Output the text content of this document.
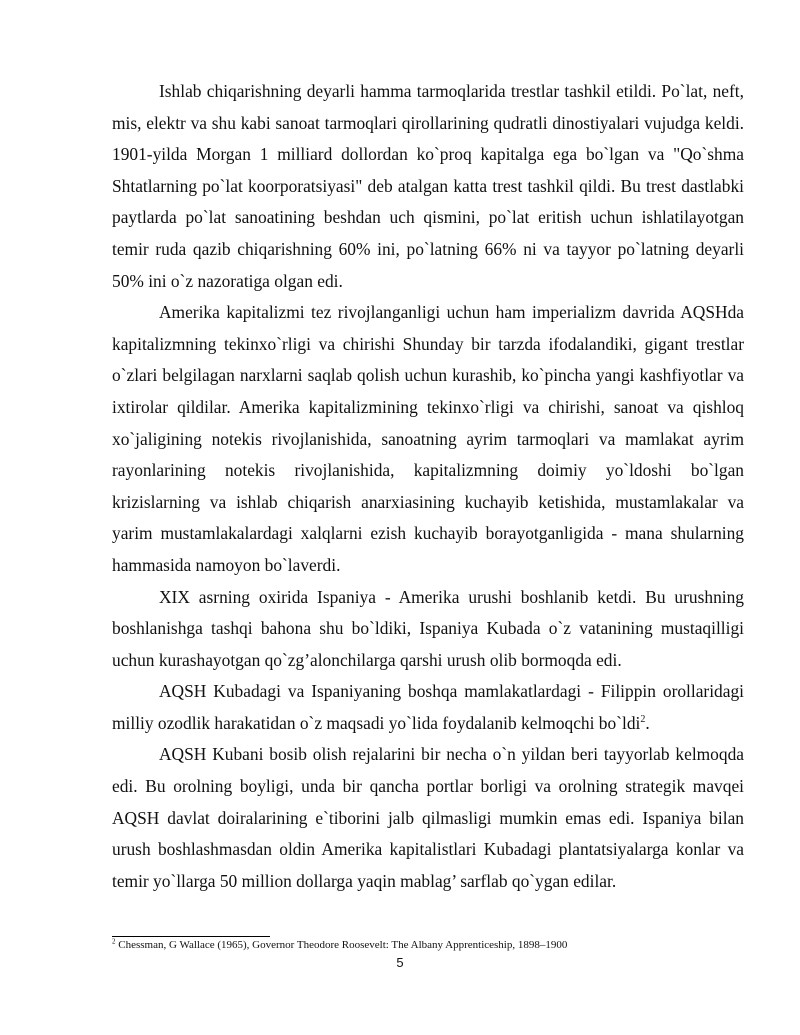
Ishlab chiqarishning deyarli hamma tarmoqlarida trestlar tashkil etildi. Po`lat, neft, mis, elektr va shu kabi sanoat tarmoqlari qirollarining qudratli dinostiyalari vujudga keldi. 1901-yilda Morgan 1 milliard dollordan ko`proq kapitalga ega bo`lgan va "Qo`shma Shtatlarning po`lat koorporatsiyasi" deb atalgan katta trest tashkil qildi. Bu trest dastlabki paytlarda po`lat sanoatining beshdan uch qismini, po`lat eritish uchun ishlatilayotgan temir ruda qazib chiqarishning 60% ini, po`latning 66% ni va tayyor po`latning deyarli 50% ini o`z nazoratiga olgan edi.

Amerika kapitalizmi tez rivojlanganligi uchun ham imperializm davrida AQSHda kapitalizmning tekinxo`rligi va chirishi Shunday bir tarzda ifodalandiki, gigant trestlar o`zlari belgilagan narxlarni saqlab qolish uchun kurashib, ko`pincha yangi kashfiyotlar va ixtirolar qildilar. Amerika kapitalizmining tekinxo`rligi va chirishi, sanoat va qishloq xo`jaligining notekis rivojlanishida, sanoatning ayrim tarmoqlari va mamlakat ayrim rayonlarining notekis rivojlanishida, kapitalizmning doimiy yo`ldoshi bo`lgan krizislarning va ishlab chiqarish anarxiasining kuchayib ketishida, mustamlakalar va yarim mustamlakalardagi xalqlarni ezish kuchayib borayotganligida - mana shularning hammasida namoyon bo`laverdi.

XIX asrning oxirida Ispaniya - Amerika urushi boshlanib ketdi. Bu urushning boshlanishga tashqi bahona shu bo`ldiki, Ispaniya Kubada o`z vatanining mustaqilligi uchun kurashayotgan qo`zg’alonchilarga qarshi urush olib bormoqda edi.

AQSH Kubadagi va Ispaniyaning boshqa mamlakatlardagi - Filippin orollaridagi milliy ozodlik harakatidan o`z maqsadi yo`lida foydalanib kelmoqchi bo`ldi$^2$.

AQSH Kubani bosib olish rejalarini bir necha o`n yildan beri tayyorlab kelmoqda edi. Bu orolning boyligi, unda bir qancha portlar borligi va orolning strategik mavqei AQSH davlat doiralarining e`tiborini jalb qilmasligi mumkin emas edi. Ispaniya bilan urush boshlashmasdan oldin Amerika kapitalistlari Kubadagi plantatsiyalarga konlar va temir yo`llarga 50 million dollarga yaqin mablag’ sarflab qo`ygan edilar.

$^2$ Chessman, G Wallace (1965), Governor Theodore Roosevelt: The Albany Apprenticeship, 1898–1900
5
